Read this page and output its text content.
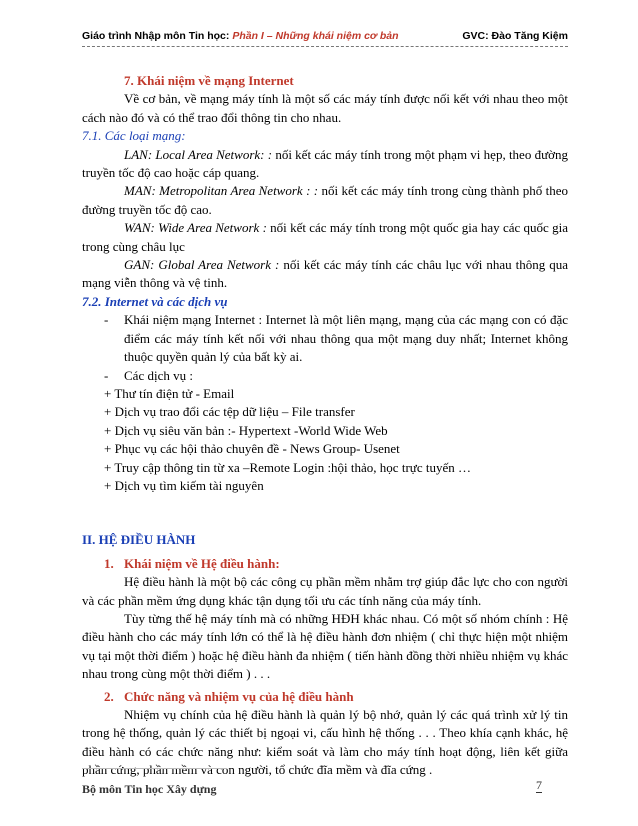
Giáo trình Nhập môn Tin học: Phần I – Những khái niệm cơ bản	GVC: Đào Tăng Kiệm

7. Khái niệm về mạng Internet

Về cơ bản, về mạng máy tính là một số các máy tính được nối kết với nhau theo một cách nào đó và có thể trao đổi thông tin cho nhau.

7.1. Các loại mạng:

LAN: Local Area Network: : nối kết các máy tính trong một phạm vi hẹp, theo đường truyền tốc độ cao hoặc cáp quang.

MAN: Metropolitan Area Network : : nối kết các máy tính trong cùng thành phố theo đường truyền tốc độ cao.

WAN: Wide Area Network : nối kết các máy tính trong một quốc gia hay các quốc gia trong cùng châu lục

GAN: Global Area Network : nối kết các máy tính các châu lục với nhau thông qua mạng viễn thông và vệ tinh.

7.2. Internet và các dịch vụ

- Khái niệm mạng Internet : Internet là một liên mạng, mạng của các mạng con có đặc điểm các máy tính kết nối với nhau thông qua một mạng duy nhất; Internet không thuộc quyền quản lý của bất kỳ ai.

- Các dịch vụ :

+ Thư tín điện tử - Email

+ Dịch vụ trao đổi các tệp dữ liệu – File transfer

+ Dịch vụ siêu văn bản :- Hypertext -World Wide Web

+ Phục vụ các hội thảo chuyên đề - News Group- Usenet

+ Truy cập thông tin từ xa –Remote Login :hội thảo, học trực tuyến …

+ Dịch vụ tìm kiếm tài nguyên

II. HỆ ĐIỀU HÀNH

1. Khái niệm về Hệ điều hành:

Hệ điều hành là một bộ các công cụ phần mềm nhằm trợ giúp đắc lực cho con người và các phần mềm ứng dụng khác tận dụng tối ưu các tính năng của máy tính.

Tùy từng thế hệ máy tính mà có những HĐH khác nhau. Có một số nhóm chính : Hệ điều hành cho các máy tính lớn có thể là hệ điều hành đơn nhiệm ( chỉ thực hiện một nhiệm vụ tại một thời điểm ) hoặc hệ điều hành đa nhiệm ( tiến hành đồng thời nhiều nhiệm vụ khác nhau trong cùng một thời điểm ) . . .

2. Chức năng và nhiệm vụ của hệ điều hành

Nhiệm vụ chính của hệ điều hành là quản lý bộ nhớ, quản lý các quá trình xử lý tin trong hệ thống, quản lý các thiết bị ngoại vi, cấu hình hệ thống . . . Theo khía cạnh khác, hệ điều hành có các chức năng như: kiểm soát và làm cho máy tính hoạt động, liên kết giữa phần cứng, phần mềm và con người, tổ chức đĩa mềm và đĩa cứng .

Bộ môn Tin học Xây dựng	7
